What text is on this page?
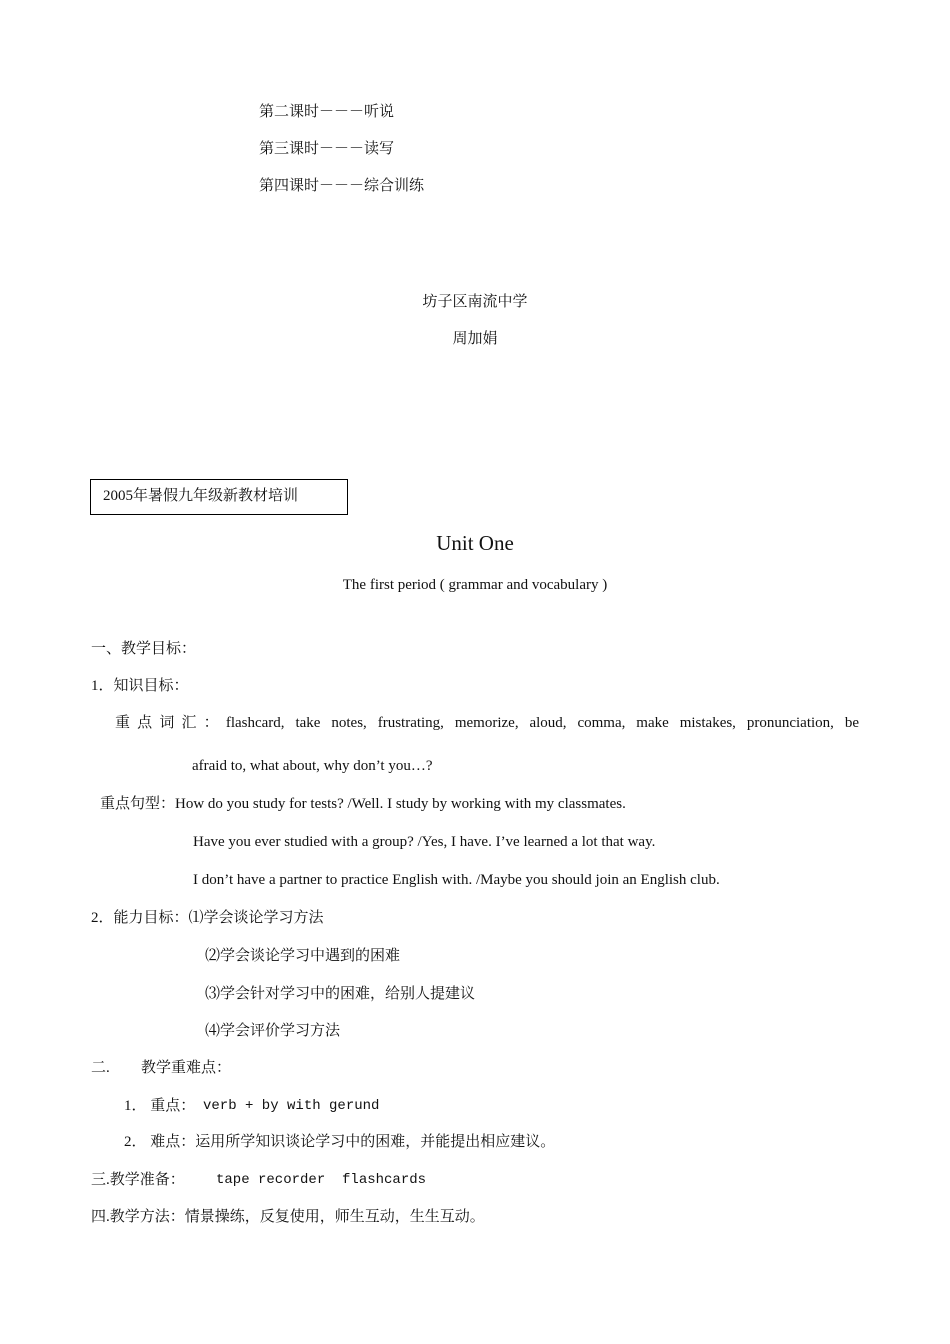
第二课时－－－听说
第三课时－－－读写
第四课时－－－综合训练
坊子区南流中学
周加娟
2005年暑假九年级新教材培训
Unit One
The first period ( grammar and vocabulary )
一、教学目标：
1．知识目标：
重点词汇：flashcard, take notes, frustrating, memorize, aloud, comma, make mistakes, pronunciation, be
afraid to, what about, why don’t you…?
重点句型：How do you study for tests? /Well. I study by working with my classmates.
Have you ever studied with a group? /Yes, I have. I’ve learned a lot that way.
I don’t have a partner to practice English with. /Maybe you should join an English club.
2．能力目标：⑴学会谈论学习方法
⑵学会谈论学习中遇到的困难
⑶学会针对学习中的困难，给别人提建议
⑷学会评价学习方法
二. 教学重难点：
1． 重点： verb + by with gerund
2． 难点：运用所学知识谈论学习中的困难，并能提出相应建议。
三.教学准备： tape recorder  flashcards
四.教学方法：情景操练，反复使用，师生互动，生生互动。
